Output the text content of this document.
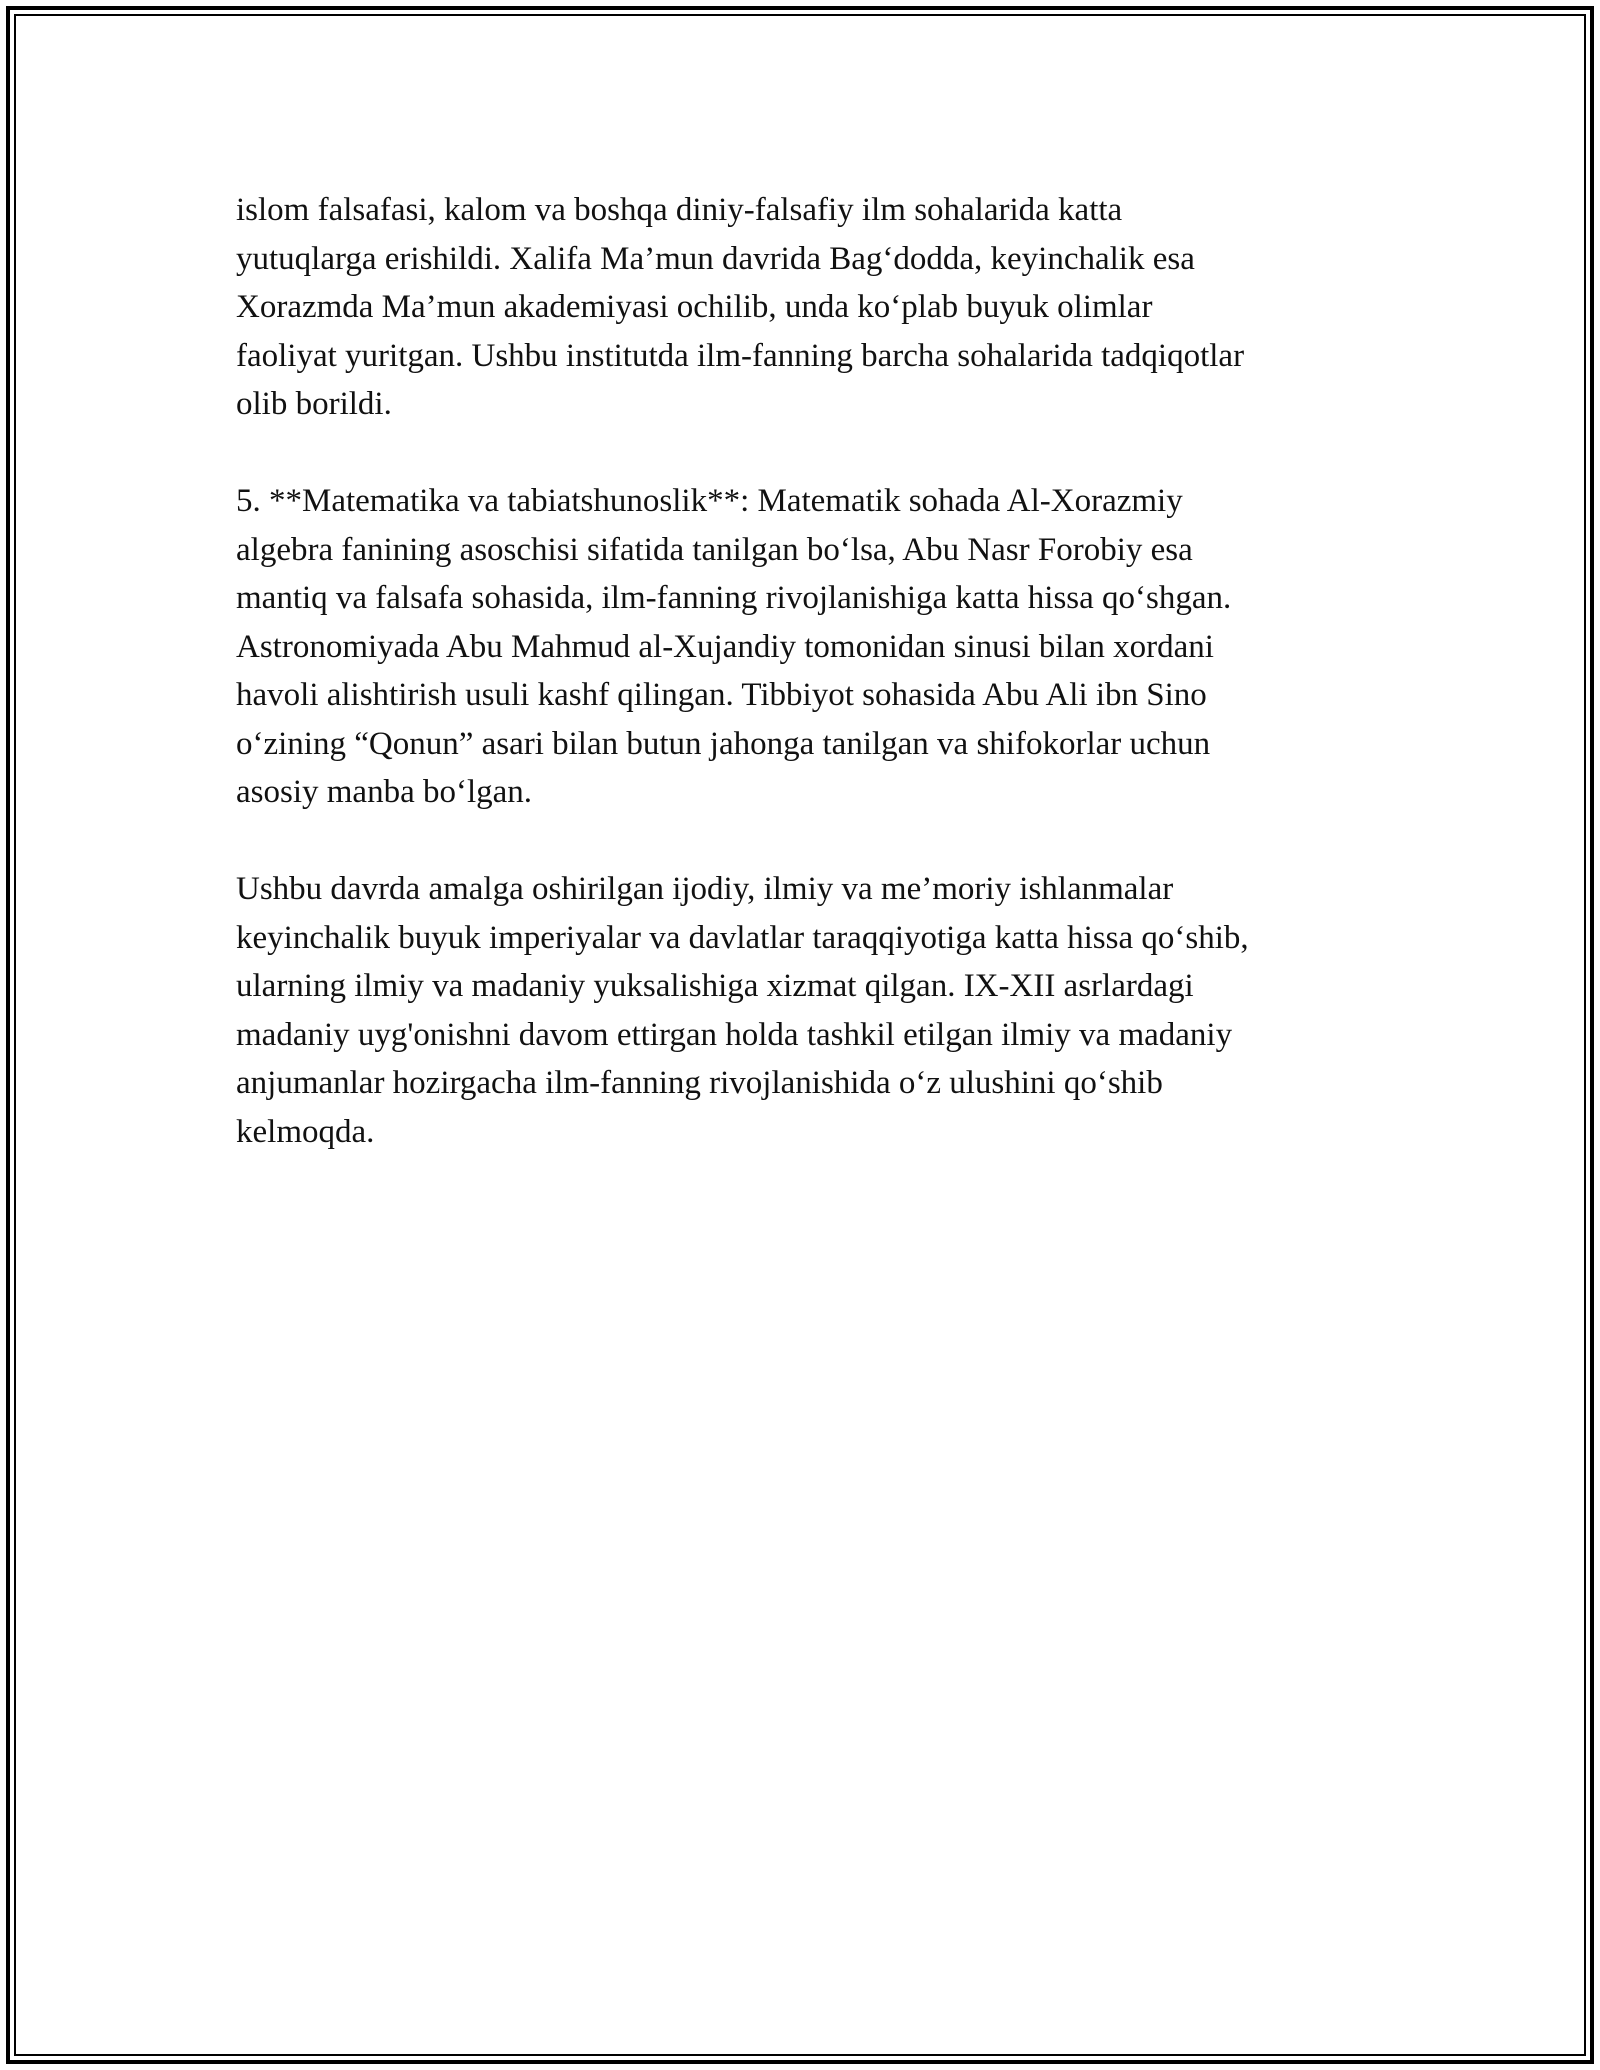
islom falsafasi, kalom va boshqa diniy-falsafiy ilm sohalarida katta
yutuqlarga erishildi. Xalifa Ma’mun davrida Bag‘dodda, keyinchalik esa
Xorazmda Ma’mun akademiyasi ochilib, unda ko‘plab buyuk olimlar
faoliyat yuritgan. Ushbu institutda ilm-fanning barcha sohalarida tadqiqotlar
olib borildi.

5. **Matematika va tabiatshunoslik**: Matematik sohada Al-Xorazmiy
algebra fanining asoschisi sifatida tanilgan bo‘lsa, Abu Nasr Forobiy esa
mantiq va falsafa sohasida, ilm-fanning rivojlanishiga katta hissa qo‘shgan.
Astronomiyada Abu Mahmud al-Xujandiy tomonidan sinusi bilan xordani
havoli alishtirish usuli kashf qilingan. Tibbiyot sohasida Abu Ali ibn Sino
o‘zining “Qonun” asari bilan butun jahonga tanilgan va shifokorlar uchun
asosiy manba bo‘lgan.

Ushbu davrda amalga oshirilgan ijodiy, ilmiy va me’moriy ishlanmalar
keyinchalik buyuk imperiyalar va davlatlar taraqqiyotiga katta hissa qo‘shib,
ularning ilmiy va madaniy yuksalishiga xizmat qilgan. IX-XII asrlardagi
madaniy uyg'onishni davom ettirgan holda tashkil etilgan ilmiy va madaniy
anjumanlar hozirgacha ilm-fanning rivojlanishida o‘z ulushini qo‘shib
kelmoqda.
